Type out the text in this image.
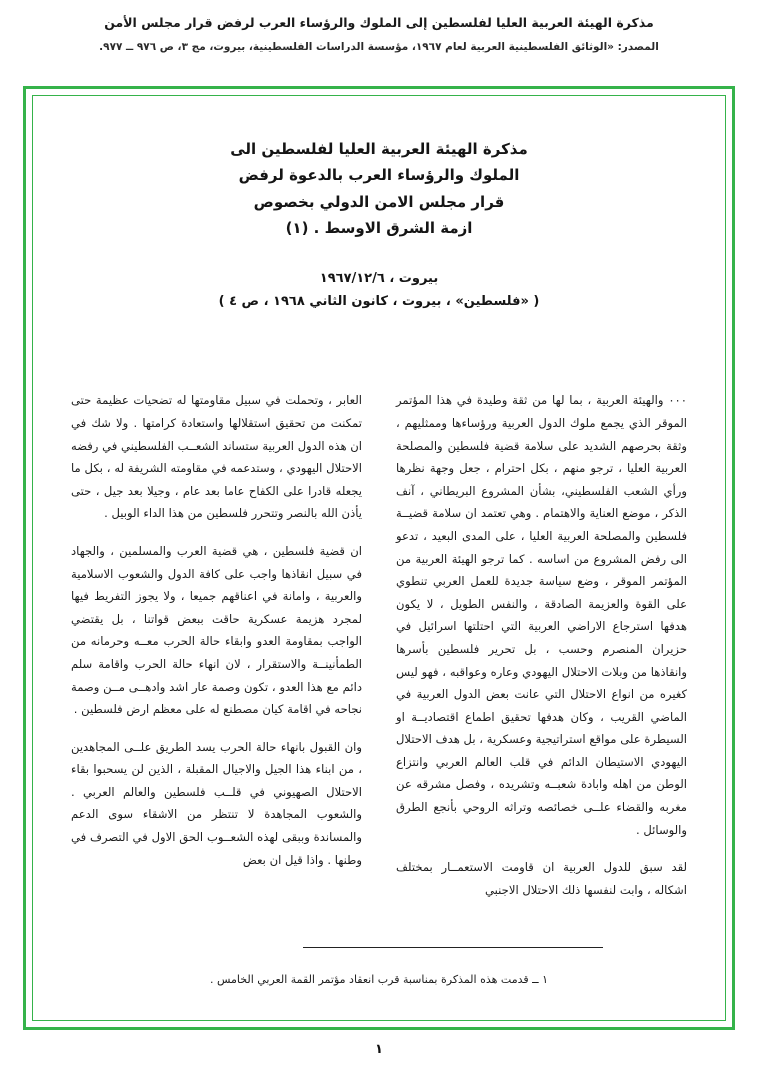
مذكرة الهيئة العربية العليا لفلسطين إلى الملوك والرؤساء العرب لرفض قرار مجلس الأمن
المصدر: «الوثائق الفلسطينية العربية لعام ١٩٦٧، مؤسسة الدراسات الفلسطينية، بيروت، مج ٣، ص ٩٧٦ ــ ٩٧٧.
مذكرة الهيئة العربية العليا لفلسطين الى
الملوك والرؤساء العرب بالدعوة لرفض
قرار مجلس الامن الدولي بخصوص
ازمة الشرق الاوسط . (١)
بيروت ، ١٩٦٧/١٢/٦
( «فلسطين» ، بيروت ، كانون الثاني ١٩٦٨ ، ص ٤ )

٠٠٠ والهيئة العربية ، بما لها من ثقة وطيدة في هذا المؤتمر الموقر الذي يجمع ملوك الدول العربية ورؤساءها وممثليهم ، وثقة بحرصهم الشديد على سلامة قضية فلسطين والمصلحة العربية العليا ، ترجو منهم ، بكل احترام ، جعل وجهة نظرها ورأي الشعب الفلسطيني، بشأن المشروع البريطاني ، آنف الذكر ، موضع العناية والاهتمام . وهي تعتمد ان سلامة قضيــة فلسطين والمصلحة العربية العليا ، على المدى البعيد ، تدعو الى رفض المشروع من اساسه . كما ترجو الهيئة العربية من المؤتمر الموقر ، وضع سياسة جديدة للعمل العربي تنطوي على القوة والعزيمة الصادقة ، والنفس الطويل ، لا يكون هدفها استرجاع الاراضي العربية التي احتلتها اسرائيل في حزيران المنصرم وحسب ، بل تحرير فلسطين بأسرها وانقاذها من وبلات الاحتلال اليهودي وعاره وعواقبه ، فهو ليس كغيره من انواع الاحتلال التي عانت بعض الدول العربية في الماضي القريب ، وكان هدفها تحقيق اطماع اقتصاديــة او السيطرة على مواقع استراتيجية وعسكرية ، بل هدف الاحتلال اليهودي الاستيطان الدائم في قلب العالم العربي وانتزاع الوطن من اهله وابادة شعبــه وتشريده ، وفصل مشرقه عن مغربه والقضاء علــى خصائصه وتراثه الروحي بأنجع الطرق والوسائل .

لقد سبق للدول العربية ان قاومت الاستعمــار بمختلف اشكاله ، وابت لنفسها ذلك الاحتلال الاجنبي

العابر ، وتحملت في سبيل مقاومتها له تضحيات عظيمة حتى تمكنت من تحقيق استقلالها واستعادة كرامتها . ولا شك في ان هذه الدول العربية ستساند الشعــب الفلسطيني في رفضه الاحتلال اليهودي ، وستدعمه في مقاومته الشريفة له ، بكل ما يجعله قادرا على الكفاح عاما بعد عام ، وجيلا بعد جيل ، حتى يأذن الله بالنصر وتتحرر فلسطين من هذا الداء الوبيل .

ان قضية فلسطين ، هي قضية العرب والمسلمين ، والجهاد في سبيل انقاذها واجب على كافة الدول والشعوب الاسلامية والعربية ، وامانة في اعناقهم جميعا ، ولا يجوز التفريط فيها لمجرد هزيمة عسكرية حاقت ببعض قواتنا ، بل يقتضي الواجب بمقاومة العدو وابقاء حالة الحرب معــه وحرمانه من الطمأنينــة والاستقرار ، لان انهاء حالة الحرب واقامة سلم دائم مع هذا العدو ، تكون وصمة عار اشد وادهــى مــن وصمة نجاحه في اقامة كيان مصطنع له على معظم ارض فلسطين .

وان القبول بانهاء حالة الحرب يسد الطريق علــى المجاهدين ، من ابناء هذا الجيل والاجيال المقبلة ، الذين لن يسحبوا بقاء الاحتلال الصهيوني في قلــب فلسطين والعالم العربي . والشعوب المجاهدة لا تنتظر من الاشقاء سوى الدعم والمساندة وببقى لهذه الشعــوب الحق الاول في التصرف في وطنها . واذا قيل ان بعض

١ ــ قدمت هذه المذكرة بمناسبة قرب انعقاد مؤتمر القمة العربي الخامس .
١
